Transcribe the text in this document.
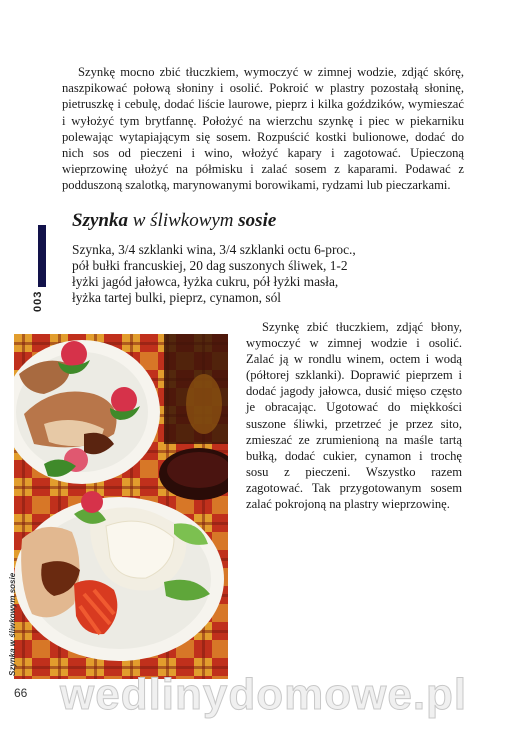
Szynkę mocno zbić tłuczkiem, wymoczyć w zimnej wodzie, zdjąć skórę, naszpikować połową słoniny i osolić. Pokroić w plastry pozostałą słoninę, pietruszkę i cebulę, dodać liście laurowe, pieprz i kilka goździków, wymieszać i wyłożyć tym brytfannę. Położyć na wierzchu szynkę i piec w piekarniku polewając wytapiającym się sosem. Rozpuścić kostki bulionowe, dodać do nich sos od pieczeni i wino, włożyć kapary i zagotować. Upieczoną wieprzowinę ułożyć na półmisku i zalać sosem z kaparami. Podawać z podduszoną szalotką, marynowanymi borowikami, rydzami lub pieczarkami.

Szynka w śliwkowym sosie
003
Szynka, 3/4 szklanki wina, 3/4 szklanki octu 6-proc.,
pół bułki francuskiej, 20 dag suszonych śliwek, 1-2
łyżki jagód jałowca, łyżka cukru, pół łyżki masła,
łyżka tartej bulki, pieprz, cynamon, sól

Szynkę zbić tłuczkiem, zdjąć błony, wymoczyć w zimnej wodzie i osolić. Zalać ją w rondlu winem, octem i wodą (półtorej szklanki). Doprawić pieprzem i dodać jagody jałowca, dusić mięso często je obracając. Ugotować do miękkości suszone śliwki, przetrzeć je przez sito, zmieszać ze zrumienioną na maśle tartą bułką, dodać cukier, cynamon i trochę sosu z pieczeni. Wszystko razem zagotować. Tak przygotowanym sosem zalać pokrojoną na plastry wieprzowinę.

Szynka w śliwkowym sosie
66 wedlinydomowe.pl
